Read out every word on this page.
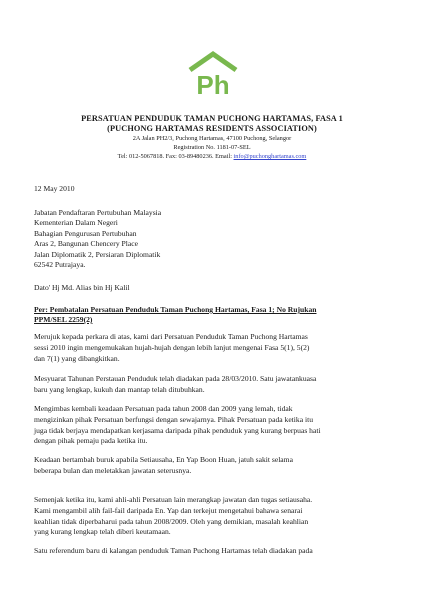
Ph
PERSATUAN PENDUDUK TAMAN PUCHONG HARTAMAS, FASA 1
(PUCHONG HARTAMAS RESIDENTS ASSOCIATION)
2A Jalan PH2/3, Puchong Hartamas, 47100 Puchong, Selangor
Registration No. 1181-07-SEL
Tel: 012-5067818. Fax: 03-89480236. Email: info@puchonghartamas.com
12 May 2010
Jabatan Pendaftaran Pertubuhan Malaysia
Kementerian Dalam Negeri
Bahagian Pengurusan Pertubuhan
Aras 2, Bangunan Chencery Place
Jalan Diplomatik 2, Persiaran Diplomatik
62542 Putrajaya.
Dato' Hj Md. Alias bin Hj Kalil
Per: Pembatalan Persatuan Penduduk Taman Puchong Hartamas, Fasa 1; No Rujukan
PPM/SEL 2259(2)
Merujuk kepada perkara di atas, kami dari Persatuan Penduduk Taman Puchong Hartamas
sessi 2010 ingin mengemukakan hujah-hujah dengan lebih lanjut mengenai Fasa 5(1), 5(2)
dan 7(1) yang dibangkitkan.
Mesyuarat Tahunan Perstauan Penduduk telah diadakan pada 28/03/2010. Satu jawatankuasa
baru yang lengkap, kukuh dan mantap telah ditubuhkan.
Mengimbas kembali keadaan Persatuan pada tahun 2008 dan 2009 yang lemah, tidak
mengizinkan pihak Persatuan berfungsi dengan sewajarnya. Pihak Persatuan pada ketika itu
juga tidak berjaya mendapatkan kerjasama daripada pihak penduduk yang kurang berpuas hati
dengan pihak pemaju pada ketika itu.
Keadaan bertambah buruk apabila Setiausaha, En Yap Boon Huan, jatuh sakit selama
beberapa bulan dan meletakkan jawatan seterusnya.
Semenjak ketika itu, kami ahli-ahli Persatuan lain merangkap jawatan dan tugas setiausaha.
Kami mengambil alih fail-fail daripada En. Yap dan terkejut mengetahui bahawa senarai
keahlian tidak diperbaharui pada tahun 2008/2009. Oleh yang demikian, masalah keahlian
yang kurang lengkap telah diberi keutamaan.
Satu referendum baru di kalangan penduduk Taman Puchong Hartamas telah diadakan pada
